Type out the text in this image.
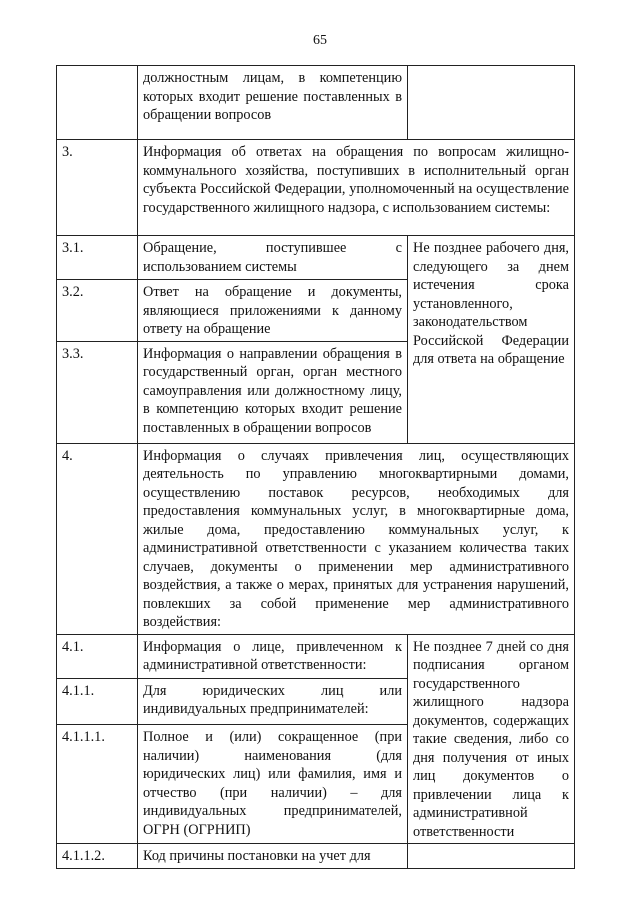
65
	должностным лицам, в компетенцию которых входит решение поставленных в обращении вопросов	
3.	Информация об ответах на обращения по вопросам жилищно-коммунального хозяйства, поступивших в исполнительный орган субъекта Российской Федерации, уполномоченный на осуществление государственного жилищного надзора, с использованием системы:	
3.1.	Обращение, поступившее с использованием системы	Не позднее рабочего дня, следующего за днем истечения срока установленного, законодательством Российской Федерации для ответа на обращение
3.2.	Ответ на обращение и документы, являющиеся приложениями к данному ответу на обращение	
3.3.	Информация о направлении обращения в государственный орган, орган местного самоуправления или должностному лицу, в компетенцию которых входит решение поставленных в обращении вопросов	
4.	Информация о случаях привлечения лиц, осуществляющих деятельность по управлению многоквартирными домами, осуществлению поставок ресурсов, необходимых для предоставления коммунальных услуг, в многоквартирные дома, жилые дома, предоставлению коммунальных услуг, к административной ответственности с указанием количества таких случаев, документы о применении мер административного воздействия, а также о мерах, принятых для устранения нарушений, повлекших за собой применение мер административного воздействия:	
4.1.	Информация о лице, привлеченном к административной ответственности:	Не позднее 7 дней со дня подписания органом государственного жилищного надзора документов, содержащих такие сведения, либо со дня получения от иных лиц документов о привлечении лица к административной ответственности
4.1.1.	Для юридических лиц или индивидуальных предпринимателей:	
4.1.1.1.	Полное и (или) сокращенное (при наличии) наименования (для юридических лиц) или фамилия, имя и отчество (при наличии) – для индивидуальных предпринимателей, ОГРН (ОГРНИП)	
4.1.1.2.	Код причины постановки на учет для	
